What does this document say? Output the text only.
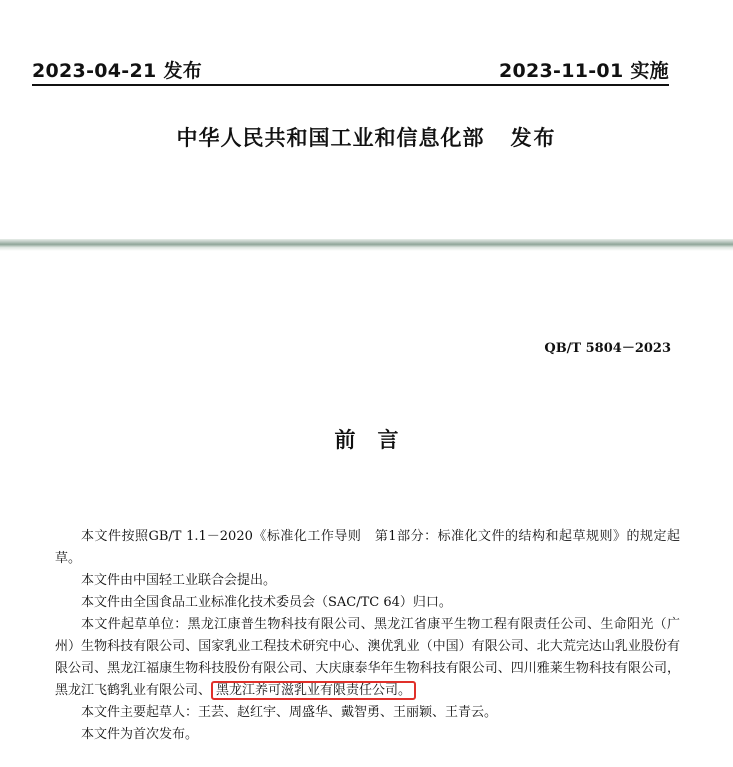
2023-04-21 发布	2023-11-01 实施
中华人民共和国工业和信息化部 发布
QB/T 5804－2023
前言

本文件按照GB/T 1.1－2020《标准化工作导则　第1部分：标准化文件的结构和起草规则》的规定起草。

本文件由中国轻工业联合会提出。

本文件由全国食品工业标准化技术委员会（SAC/TC 64）归口。

本文件起草单位：黑龙江康普生物科技有限公司、黑龙江省康平生物工程有限责任公司、生命阳光（广州）生物科技有限公司、国家乳业工程技术研究中心、澳优乳业（中国）有限公司、北大荒完达山乳业股份有限公司、黑龙江福康生物科技股份有限公司、大庆康泰华年生物科技有限公司、四川雅莱生物科技有限公司，黑龙江飞鹤乳业有限公司、 黑龙江养可滋乳业有限责任公司。

本文件主要起草人：王芸、赵红宇、周盛华、戴智勇、王丽颖、王青云。

本文件为首次发布。
